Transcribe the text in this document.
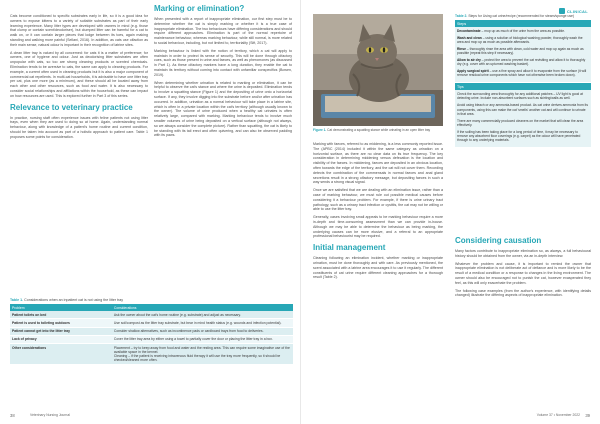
Cats become conditioned to specific substrates early in life, so it is a good idea for owners to expose kittens to a variety of suitable substrates as part of their early learning experience. Many litter types are developed with owners in mind (e.g. those that clump or contain scent/deodoriser), but clumped litter can be harmful for a cat to walk on, or it can contain larger pieces that lodge between its toes, again making standing and walking more painful (Sellani, 2016). In addition, as cats use olfaction as their main sense, natural odour is important in their recognition of latrine sites.

A clean litter tray is valued by all concerned: for cats it is a matter of preference; for owners, one of hygiene and odour. Just as deodorising litter substrates are often unpopular with cats, so too are strong cleaning products or scented chemicals. Elimination tends to be aversive to cats, the same can apply to cleaning products. For example, a current often used in cleaning products but it is also a major component of commercial cat repellents. In multi-cat households, it is advisable to have one litter tray per cat, plus one more (as a minimum), and these should all be located away from each other and other resources, such as food and water. It is also necessary to consider social relationships and affiliations within the household, as these can impact on how resources are used. This is explored further in Part 3 of this series.

Relevance to veterinary practice

In practice, nursing staff often experience issues with feline patients not using litter trays, even when they are used to doing so at home. Again, understanding normal behaviour, along with knowledge of a patient's home routine and current condition, should be taken into account as part of a holistic approach to patient care. Table 1 proposes some points for consideration.

Marking or elimination?

When presented with a report of inappropriate elimination, our first step must be to determine whether the cat is simply marking or whether it is a true case of inappropriate elimination. The two behaviours have differing considerations and should require different approaches. Elimination is part of the normal repertoire of maintenance behaviour, whereas marking behaviour, while still normal, is more related to social behaviour, including, but not limited to, territoriality (Sift, 2017).

Marking behaviour is linked with the notion of territory, which a cat will apply to maintain in order to protect its sense of security. This will be done through olfactory cues, such as those present in urine and faeces, as well as pheromones (as discussed in Part 1). As these olfactory markers have a long duration, they enable the cat to maintain its territory without coming into contact with unfamiliar conspecifics (Bowen, 2019).

When determining whether urination is related to marking or elimination, it can be helpful to observe the cat's stance and where the urine is deposited. Elimination tends to involve a squatting stance (Figure 1) and the depositing of urine onto a horizontal surface. If any, they involve digging into the substrate before and/or after urination has occurred. In addition, urination as a normal behaviour will take place in a latrine site, which is often in a private location within the cat's territory (although usually known to the owner). The volume of urine produced when a healthy cat urinates is often relatively large, compared with marking. Marking behaviour tends to involve much smaller volumes of urine being deposited on a vertical surface (although not always, so we always consider the complete picture). Rather than squatting, the cat is likely to be standing with its tail erect and often quivering, and can also be observed padding with its paws.

Table 1. Considerations when an inpatient cat is not using the litter tray
Problem	Considerations
Patient toilets on bed	Ask the owner about the cat's home routine (e.g. substrate) and adjust as necessary.
Patient is used to toileting outdoors	Use soil/compost as the litter tray substrate, but bear in mind health status (e.g. wounds and infection potential).
Patient cannot get into the litter tray	Consider shallow alternatives, such as incontinence pads or cardboard trays from food to deliveries.
Lack of privacy	Cover the litter tray area by either using a towel to partially cover the door or placing the litter tray in a box.
Other considerations	Placement – try to keep away from food and water and the resting area. This can require some imaginative use of the available space in the kennel.
Cleaning – if the patient is receiving intravenous fluid therapy it will use the tray more frequently, so it should be checked/cleaned more often.
38	Veterinary Nursing Journal
CLINICAL
Figure 1. Cat demonstrating a squatting stance while urinating in an open litter tray

Marking with faeces, referred to as middening, is a less commonly reported issue. The (APBC (2014) included it within the same category as urination on a horizontal surface, as there are no clear data on its true frequency. The key consideration in determining middening versus defecation is the location and visibility of the faeces. In middening, faeces are deposited in an obvious location, often towards the edge of the territory, and the cat will not cover them. Recording detects the combination of the commensals in normal faeces and anal gland secretions result in a strong olfactory message, but depositing faeces in such a way sends a strong visual signal.

Once we are satisfied that we are dealing with an elimination issue, rather than a case of marking behaviour, we must rule out possible medical causes before considering it a behaviour problem. For example, if there is urine urinary tract pathology, such as a urinary tract infection or cystitis, the cat may not be willing or able to use the litter tray.

Generally, cases involving small appeals to be marking behaviour require a more in-depth and time-consuming assessment than we can provide in-house. Although we may be able to determine the behaviour as being marking, the underlying causes can be more elusive, and a referral to an appropriate professional behaviourist may be required.

Initial management

Cleaning following an elimination incident, whether marking or inappropriate urination, must be done thoroughly and with care. As previously mentioned, the scent associated with a latrine area encourages it to use it regularly. The different constituents of cat urine require different cleaning approaches for a thorough result (Table 2).

Table 2. Steps for Using cat urine/recipe (recommended for steam/sponge use)
Steps

Decontaminate – mop up as much of the urine from the area as possible.

Wash and clean – using a solution of biological washing powder, thoroughly wash the area and mop up as much as possible afterwards.

Rinse – thoroughly rinse the area with clean, cold water and mop up again as much as possible (repeat this step if necessary).

Allow to air dry – protect the area to prevent the cat revisiting and allow it to thoroughly dry (e.g. cover with an upturned washing basket).

Apply surgical spirit – use a fine spray and allow it to evaporate from the surface (it will remove residual urine components which have not otherwise been broken down).

Tips

Check the surrounding area thoroughly for any additional patches – UV light is good at detecting urine. Include non-absorbent surfaces such as skirting/walls as well.

Avoid using bleach or any ammonia-based product. As cat urine derives ammonia from its components, using this can make the cat 'smells' another cat and will continue to urinate in that area.

There are many commercially produced cleaners on the market that will clean the area effectively.

If the soiling has been taking place for a long period of time, it may be necessary to remove any absorbent floor coverings (e.g. carpet) as the odour will have penetrated through to any underlying materials.

Considering causation

Many factors contribute to inappropriate elimination so, as always, a full behavioural history should be obtained from the owner, via an in-depth interview.

Whatever the problem and cause, it is important to remind the owner that inappropriate elimination is not deliberate act of defiance and is more likely to be the result of a medical condition or a response to changes in the living environment. The owner should also be encouraged not to punish the cat, however exasperated they feel, as this will only exacerbate the problem.

The following case examples (from the author's experience, with identifying details changed) illustrate the differing aspects of inappropriate elimination.

Volume 37 • November 2022 39
